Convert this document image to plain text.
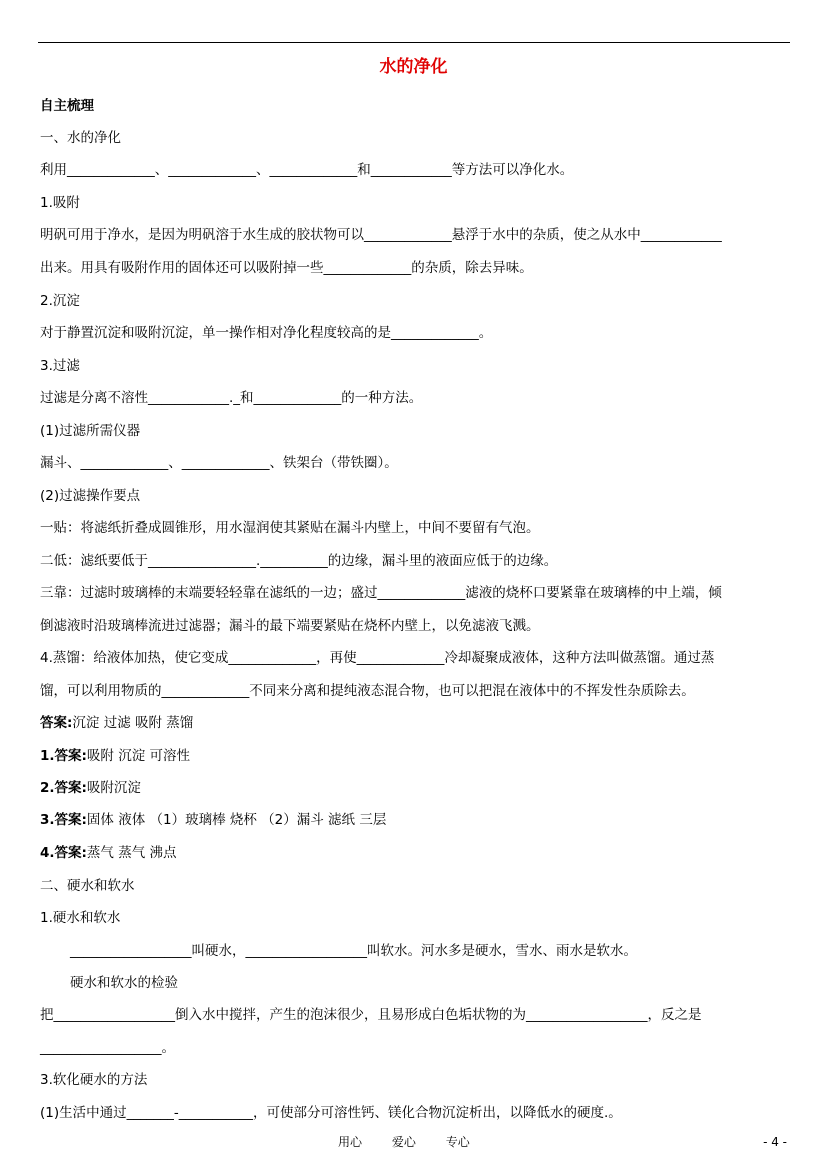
水的净化
自主梳理
一、水的净化
利用_____________、_____________、_____________和____________等方法可以净化水。
1.吸附
明矾可用于净水，是因为明矾溶于水生成的胶状物可以_____________悬浮于水中的杂质，使之从水中____________
出来。用具有吸附作用的固体还可以吸附掉一些_____________的杂质，除去异味。
2.沉淀
对于静置沉淀和吸附沉淀，单一操作相对净化程度较高的是_____________。
3.过滤
过滤是分离不溶性____________._和_____________的一种方法。
(1)过滤所需仪器
漏斗、_____________、_____________、铁架台（带铁圈）。
(2)过滤操作要点
一贴：将滤纸折叠成圆锥形，用水湿润使其紧贴在漏斗内壁上，中间不要留有气泡。
二低：滤纸要低于________________.__________的边缘，漏斗里的液面应低于的边缘。
三靠：过滤时玻璃棒的末端要轻轻靠在滤纸的一边；盛过_____________滤液的烧杯口要紧靠在玻璃棒的中上端，倾
倒滤液时沿玻璃棒流进过滤器；漏斗的最下端要紧贴在烧杯内壁上，以免滤液飞溅。
4.蒸馏：给液体加热，使它变成_____________，再使_____________冷却凝聚成液体，这种方法叫做蒸馏。通过蒸
馏，可以利用物质的_____________不同来分离和提纯液态混合物，也可以把混在液体中的不挥发性杂质除去。
答案:沉淀 过滤 吸附 蒸馏
1.答案:吸附 沉淀 可溶性
2.答案:吸附沉淀
3.答案:固体 液体 （1）玻璃棒 烧杯 （2）漏斗 滤纸 三层
4.答案:蒸气 蒸气 沸点
二、硬水和软水
1.硬水和软水
__________________叫硬水，__________________叫软水。河水多是硬水，雪水、雨水是软水。
硬水和软水的检验
把__________________倒入水中搅拌，产生的泡沫很少，且易形成白色垢状物的为__________________，反之是
__________________。
3.软化硬水的方法
(1)生活中通过_______-___________，可使部分可溶性钙、镁化合物沉淀析出，以降低水的硬度.。
用心 爱心 专心	- 4 -
